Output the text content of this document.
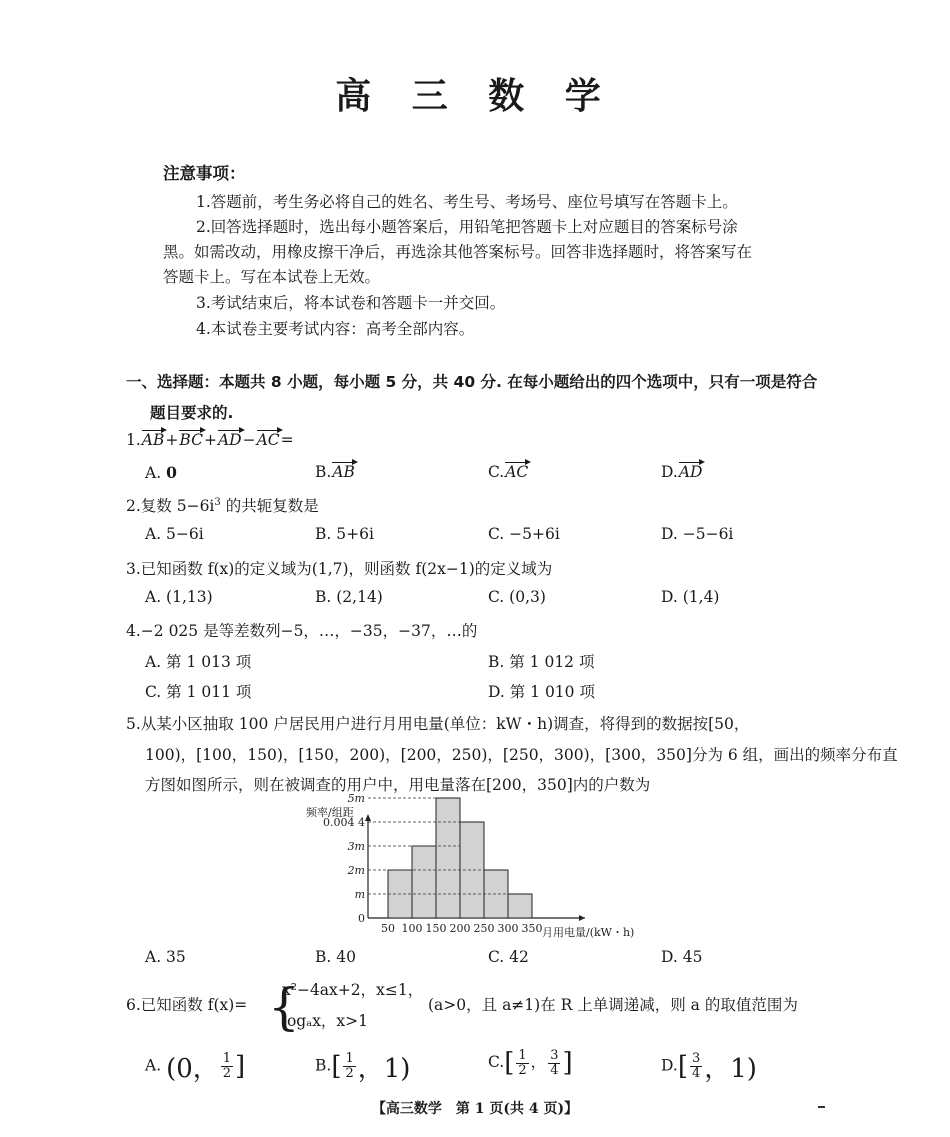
高 三 数 学
注意事项：
1.答题前，考生务必将自己的姓名、考生号、考场号、座位号填写在答题卡上。
2.回答选择题时，选出每小题答案后，用铅笔把答题卡上对应题目的答案标号涂
黑。如需改动，用橡皮擦干净后，再选涂其他答案标号。回答非选择题时，将答案写在
答题卡上。写在本试卷上无效。
3.考试结束后，将本试卷和答题卡一并交回。
4.本试卷主要考试内容：高考全部内容。
一、选择题：本题共 8 小题，每小题 5 分，共 40 分. 在每小题给出的四个选项中，只有一项是符合
题目要求的.
1.AB+BC+AD−AC=
A. 0	B.AB	C.AC	D.AD
2.复数 $5-6i^3$ 的共轭复数是
A. 5−6i	B. 5+6i	C. −5+6i	D. −5−6i
3.已知函数 f(x)的定义域为(1,7)，则函数 f(2x−1)的定义域为
A. (1,13)	B. (2,14)	C. (0,3)	D. (1,4)
4.−2 025 是等差数列−5，…，−35，−37，…的
A. 第 1 013 项	B. 第 1 012 项
C. 第 1 011 项	D. 第 1 010 项
5.从某小区抽取 100 户居民用户进行月用电量(单位：kW・h)调查，将得到的数据按[50，
100)，[100，150)，[150，200)，[200，250)，[250，300)，[300，350]分为 6 组，画出的频率分布直
方图如图所示，则在被调查的用户中，用电量落在[200，350]内的户数为
频率/组距
月用电量/(kW・h)
0
m
2m
3m
0.004 4
5m
50 100 150 200 250 300 350
A. 35	B. 40	C. 42	D. 45
6.已知函数 f(x)= {
x²−4ax+2，x≤1，
logₐx，x>1
(a>0，且 a≠1)在 R 上单调递减，则 a 的取值范围为
A. (0， $\frac{1}{2}$ ]	$B.[ \frac{1}{2}$ ，1)	$C.[ \frac{1}{2}$ ， $\frac{3}{4}$ ]	$D.[ \frac{3}{4}$ ，1)
【高三数学　第 1 页(共 4 页)】
